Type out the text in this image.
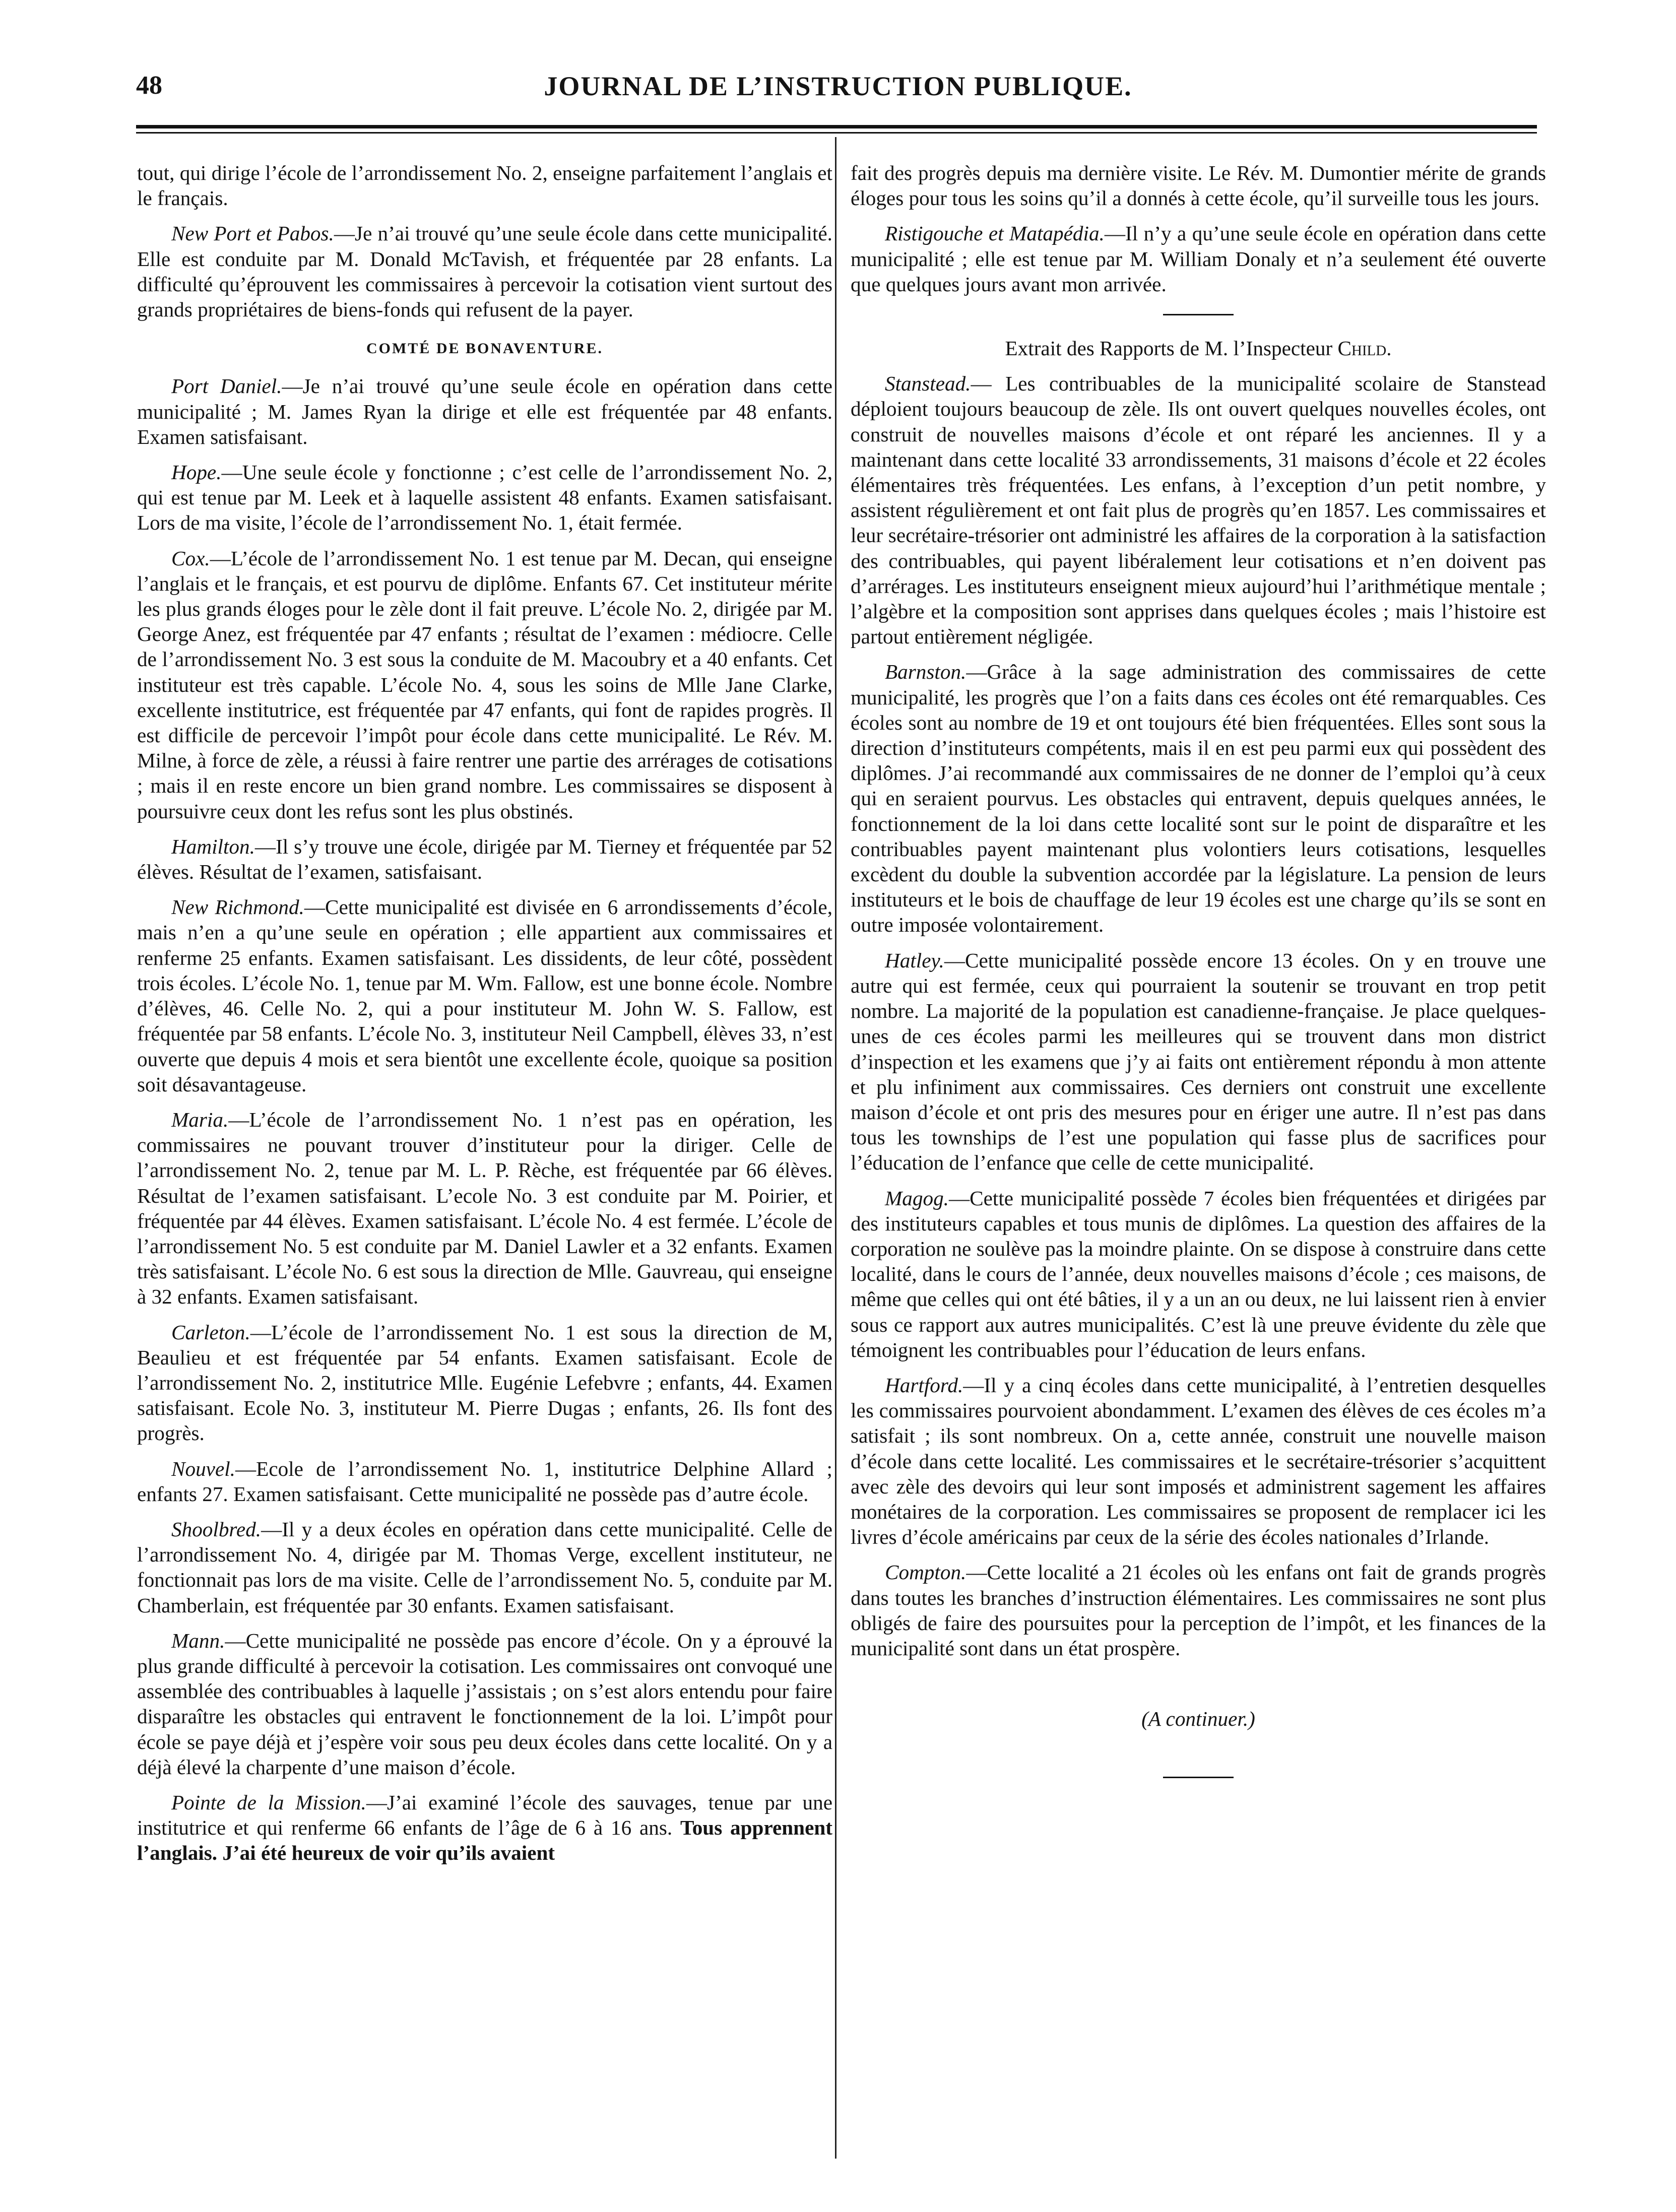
48	JOURNAL DE L’INSTRUCTION PUBLIQUE.

tout, qui dirige l’école de l’arrondissement No. 2, enseigne parfaitement l’anglais et le français.

New Port et Pabos.—Je n’ai trouvé qu’une seule école dans cette municipalité. Elle est conduite par M. Donald McTavish, et fréquentée par 28 enfants. La difficulté qu’éprouvent les commissaires à percevoir la cotisation vient surtout des grands propriétaires de biens-fonds qui refusent de la payer.

COMTÉ DE BONAVENTURE.

Port Daniel.—Je n’ai trouvé qu’une seule école en opération dans cette municipalité ; M. James Ryan la dirige et elle est fréquentée par 48 enfants. Examen satisfaisant.

Hope.—Une seule école y fonctionne ; c’est celle de l’arrondissement No. 2, qui est tenue par M. Leek et à laquelle assistent 48 enfants. Examen satisfaisant. Lors de ma visite, l’école de l’arrondissement No. 1, était fermée.

Cox.—L’école de l’arrondissement No. 1 est tenue par M. Decan, qui enseigne l’anglais et le français, et est pourvu de diplôme. Enfants 67. Cet instituteur mérite les plus grands éloges pour le zèle dont il fait preuve. L’école No. 2, dirigée par M. George Anez, est fréquentée par 47 enfants ; résultat de l’examen : médiocre. Celle de l’arrondissement No. 3 est sous la conduite de M. Macoubry et a 40 enfants. Cet instituteur est très capable. L’école No. 4, sous les soins de Mlle Jane Clarke, excellente institutrice, est fréquentée par 47 enfants, qui font de rapides progrès. Il est difficile de percevoir l’impôt pour école dans cette municipalité. Le Rév. M. Milne, à force de zèle, a réussi à faire rentrer une partie des arrérages de cotisations ; mais il en reste encore un bien grand nombre. Les commissaires se disposent à poursuivre ceux dont les refus sont les plus obstinés.

Hamilton.—Il s’y trouve une école, dirigée par M. Tierney et fréquentée par 52 élèves. Résultat de l’examen, satisfaisant.

New Richmond.—Cette municipalité est divisée en 6 arrondissements d’école, mais n’en a qu’une seule en opération ; elle appartient aux commissaires et renferme 25 enfants. Examen satisfaisant. Les dissidents, de leur côté, possèdent trois écoles. L’école No. 1, tenue par M. Wm. Fallow, est une bonne école. Nombre d’élèves, 46. Celle No. 2, qui a pour instituteur M. John W. S. Fallow, est fréquentée par 58 enfants. L’école No. 3, instituteur Neil Campbell, élèves 33, n’est ouverte que depuis 4 mois et sera bientôt une excellente école, quoique sa position soit désavantageuse.

Maria.—L’école de l’arrondissement No. 1 n’est pas en opération, les commissaires ne pouvant trouver d’instituteur pour la diriger. Celle de l’arrondissement No. 2, tenue par M. L. P. Rèche, est fréquentée par 66 élèves. Résultat de l’examen satisfaisant. L’ecole No. 3 est conduite par M. Poirier, et fréquentée par 44 élèves. Examen satisfaisant. L’école No. 4 est fermée. L’école de l’arrondissement No. 5 est conduite par M. Daniel Lawler et a 32 enfants. Examen très satisfaisant. L’école No. 6 est sous la direction de Mlle. Gauvreau, qui enseigne à 32 enfants. Examen satisfaisant.

Carleton.—L’école de l’arrondissement No. 1 est sous la direction de M, Beaulieu et est fréquentée par 54 enfants. Examen satisfaisant. Ecole de l’arrondissement No. 2, institutrice Mlle. Eugénie Lefebvre ; enfants, 44. Examen satisfaisant. Ecole No. 3, instituteur M. Pierre Dugas ; enfants, 26. Ils font des progrès.

Nouvel.—Ecole de l’arrondissement No. 1, institutrice Delphine Allard ; enfants 27. Examen satisfaisant. Cette municipalité ne possède pas d’autre école.

Shoolbred.—Il y a deux écoles en opération dans cette municipalité. Celle de l’arrondissement No. 4, dirigée par M. Thomas Verge, excellent instituteur, ne fonctionnait pas lors de ma visite. Celle de l’arrondissement No. 5, conduite par M. Chamberlain, est fréquentée par 30 enfants. Examen satisfaisant.

Mann.—Cette municipalité ne possède pas encore d’école. On y a éprouvé la plus grande difficulté à percevoir la cotisation. Les commissaires ont convoqué une assemblée des contribuables à laquelle j’assistais ; on s’est alors entendu pour faire disparaître les obstacles qui entravent le fonctionnement de la loi. L’impôt pour école se paye déjà et j’espère voir sous peu deux écoles dans cette localité. On y a déjà élevé la charpente d’une maison d’école.

Pointe de la Mission.—J’ai examiné l’école des sauvages, tenue par une institutrice et qui renferme 66 enfants de l’âge de 6 à 16 ans. Tous apprennent l’anglais. J’ai été heureux de voir qu’ils avaient

fait des progrès depuis ma dernière visite. Le Rév. M. Dumontier mérite de grands éloges pour tous les soins qu’il a donnés à cette école, qu’il surveille tous les jours.

Ristigouche et Matapédia.—Il n’y a qu’une seule école en opération dans cette municipalité ; elle est tenue par M. William Donaly et n’a seulement été ouverte que quelques jours avant mon arrivée.

Extrait des Rapports de M. l’Inspecteur Child.

Stanstead.— Les contribuables de la municipalité scolaire de Stanstead déploient toujours beaucoup de zèle. Ils ont ouvert quelques nouvelles écoles, ont construit de nouvelles maisons d’école et ont réparé les anciennes. Il y a maintenant dans cette localité 33 arrondissements, 31 maisons d’école et 22 écoles élémentaires très fréquentées. Les enfans, à l’exception d’un petit nombre, y assistent régulièrement et ont fait plus de progrès qu’en 1857. Les commissaires et leur secrétaire-trésorier ont administré les affaires de la corporation à la satisfaction des contribuables, qui payent libéralement leur cotisations et n’en doivent pas d’arrérages. Les instituteurs enseignent mieux aujourd’hui l’arithmétique mentale ; l’algèbre et la composition sont apprises dans quelques écoles ; mais l’histoire est partout entièrement négligée.

Barnston.—Grâce à la sage administration des commissaires de cette municipalité, les progrès que l’on a faits dans ces écoles ont été remarquables. Ces écoles sont au nombre de 19 et ont toujours été bien fréquentées. Elles sont sous la direction d’instituteurs compétents, mais il en est peu parmi eux qui possèdent des diplômes. J’ai recommandé aux commissaires de ne donner de l’emploi qu’à ceux qui en seraient pourvus. Les obstacles qui entravent, depuis quelques années, le fonctionnement de la loi dans cette localité sont sur le point de disparaître et les contribuables payent maintenant plus volontiers leurs cotisations, lesquelles excèdent du double la subvention accordée par la législature. La pension de leurs instituteurs et le bois de chauffage de leur 19 écoles est une charge qu’ils se sont en outre imposée volontairement.

Hatley.—Cette municipalité possède encore 13 écoles. On y en trouve une autre qui est fermée, ceux qui pourraient la soutenir se trouvant en trop petit nombre. La majorité de la population est canadienne-française. Je place quelques-unes de ces écoles parmi les meilleures qui se trouvent dans mon district d’inspection et les examens que j’y ai faits ont entièrement répondu à mon attente et plu infiniment aux commissaires. Ces derniers ont construit une excellente maison d’école et ont pris des mesures pour en ériger une autre. Il n’est pas dans tous les townships de l’est une population qui fasse plus de sacrifices pour l’éducation de l’enfance que celle de cette municipalité.

Magog.—Cette municipalité possède 7 écoles bien fréquentées et dirigées par des instituteurs capables et tous munis de diplômes. La question des affaires de la corporation ne soulève pas la moindre plainte. On se dispose à construire dans cette localité, dans le cours de l’année, deux nouvelles maisons d’école ; ces maisons, de même que celles qui ont été bâties, il y a un an ou deux, ne lui laissent rien à envier sous ce rapport aux autres municipalités. C’est là une preuve évidente du zèle que témoignent les contribuables pour l’éducation de leurs enfans.

Hartford.—Il y a cinq écoles dans cette municipalité, à l’entretien desquelles les commissaires pourvoient abondamment. L’examen des élèves de ces écoles m’a satisfait ; ils sont nombreux. On a, cette année, construit une nouvelle maison d’école dans cette localité. Les commissaires et le secrétaire-trésorier s’acquittent avec zèle des devoirs qui leur sont imposés et administrent sagement les affaires monétaires de la corporation. Les commissaires se proposent de remplacer ici les livres d’école américains par ceux de la série des écoles nationales d’Irlande.

Compton.—Cette localité a 21 écoles où les enfans ont fait de grands progrès dans toutes les branches d’instruction élémentaires. Les commissaires ne sont plus obligés de faire des poursuites pour la perception de l’impôt, et les finances de la municipalité sont dans un état prospère.

(A continuer.)
